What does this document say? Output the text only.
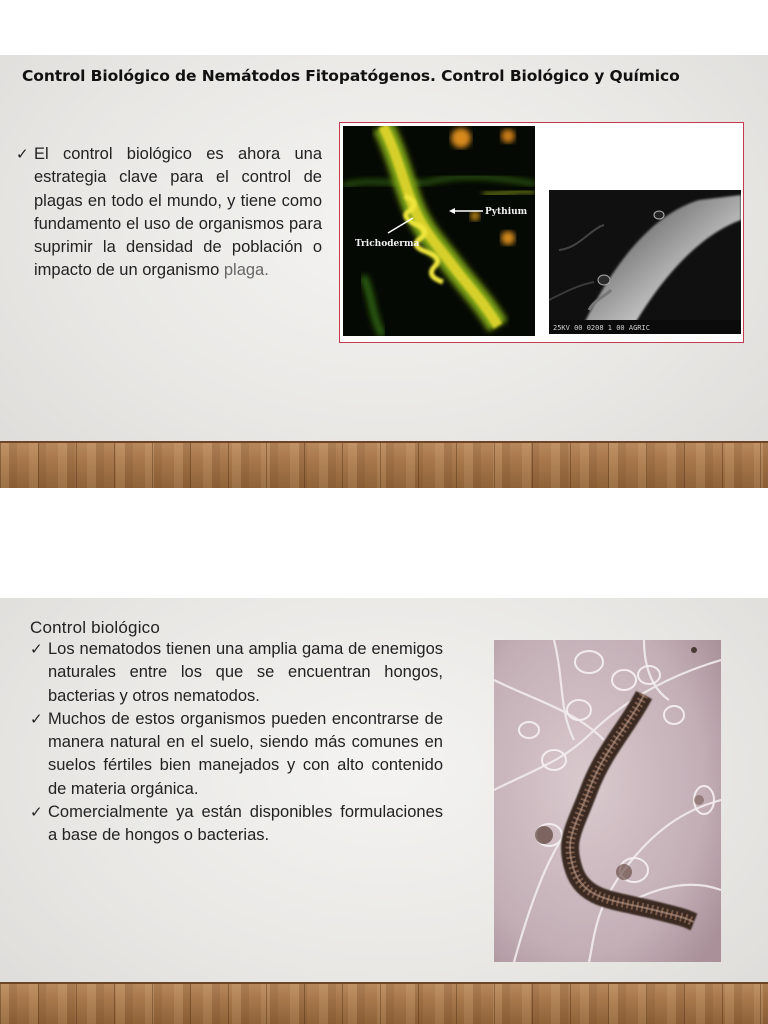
Control Biológico de Nemátodos Fitopatógenos. Control Biológico y Químico
✓ El control biológico es ahora una estrategia clave para el control de plagas en todo el mundo, y tiene como fundamento el uso de organismos para suprimir la densidad de población o impacto de un organismo plaga.
Pythium
Trichoderma
25KV 00 0208 1 00 AGRIC
Control biológico
✓ Los nematodos tienen una amplia gama de enemigos naturales entre los que se encuentran hongos, bacterias y otros nematodos.
✓ Muchos de estos organismos pueden encontrarse de manera natural en el suelo, siendo más comunes en suelos fértiles bien manejados y con alto contenido de materia orgánica.
✓ Comercialmente ya están disponibles formulaciones a base de hongos o bacterias.
